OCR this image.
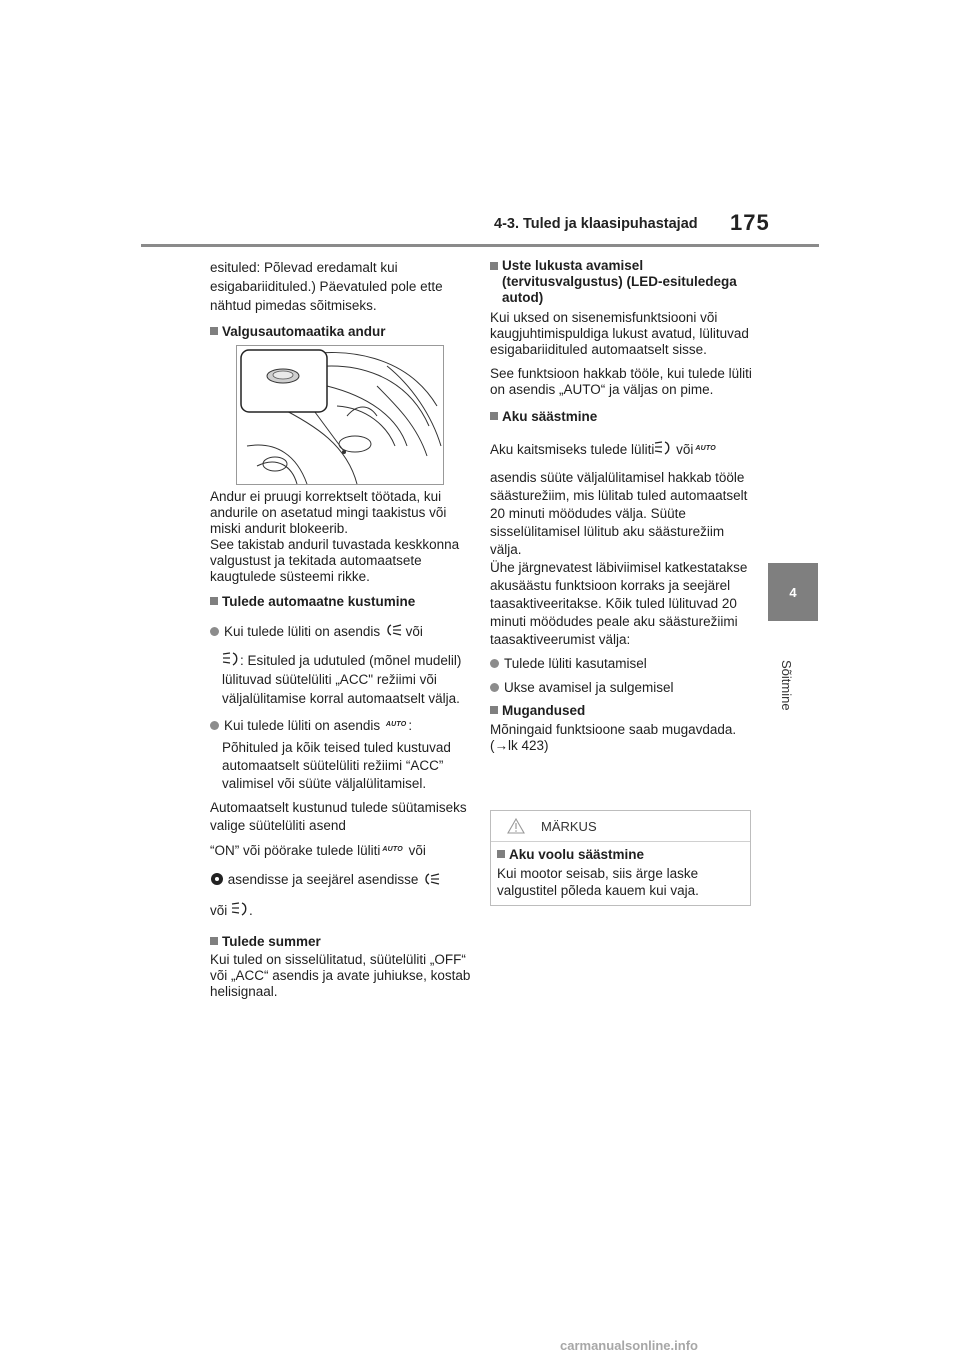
4-3. Tuled ja klaasipuhastajad 175
4
Sõitmine

esituled: Põlevad eredamalt kui esigabariidituled.) Päevatuled pole ette nähtud pimedas sõitmiseks.

Valgusautomaatika andur

Andur ei pruugi korrektselt töötada, kui andurile on asetatud mingi taakistus või miski andurit blokeerib.
See takistab anduril tuvastada keskkonna valgustust ja tekitada automaatsete kaugtulede süsteemi rikke.

Tulede automaatne kustumine

Kui tulede lüliti on asendis või

: Esituled ja udutuled (mõnel mudelil) lülituvad süütelüliti „ACC" režiimi või väljalülitamise korral automaatselt välja.

Kui tulede lüliti on asendis AUTO :

Põhituled ja kõik teised tuled kustuvad automaatselt süütelüliti režiimi “ACC” valimisel või süüte väljalülitamisel.

Automaatselt kustunud tulede süütamiseks valige süütelüliti asend

“ON” või pöörake tulede lüliti AUTO või

asendisse ja seejärel asendisse

või .

Tulede summer

Kui tuled on sisselülitatud, süütelüliti „OFF“ või „ACC“ asendis ja avate juhiukse, kostab helisignaal.

Uste lukusta avamisel (tervitusvalgustus) (LED-esituledega autod)

Kui uksed on sisenemisfunktsiooni või kaugjuhtimispuldiga lukust avatud, lülituvad esigabariidituled automaatselt sisse.

See funktsioon hakkab tööle, kui tulede lüliti on asendis „AUTO“ ja väljas on pime.

Aku säästmine

Aku kaitsmiseks tulede lüliti või AUTO

asendis süüte väljalülitamisel hakkab tööle säästurežiim, mis lülitab tuled automaatselt 20 minuti möödudes välja. Süüte sisselülitamisel lülitub aku säästurežiim välja.
Ühe järgnevatest läbiviimisel katkestatakse akusäästu funktsioon korraks ja seejärel taasaktiveeritakse. Kõik tuled lülituvad 20 minuti möödudes peale aku säästurežiimi taasaktiveerumist välja:

Tulede lüliti kasutamisel

Ukse avamisel ja sulgemisel

Mugandused

Mõningaid funktsioone saab mugavdada. (→lk 423)

MÄRKUS

Aku voolu säästmine

Kui mootor seisab, siis ärge laske valgustitel põleda kauem kui vaja.

carmanualsonline.info
